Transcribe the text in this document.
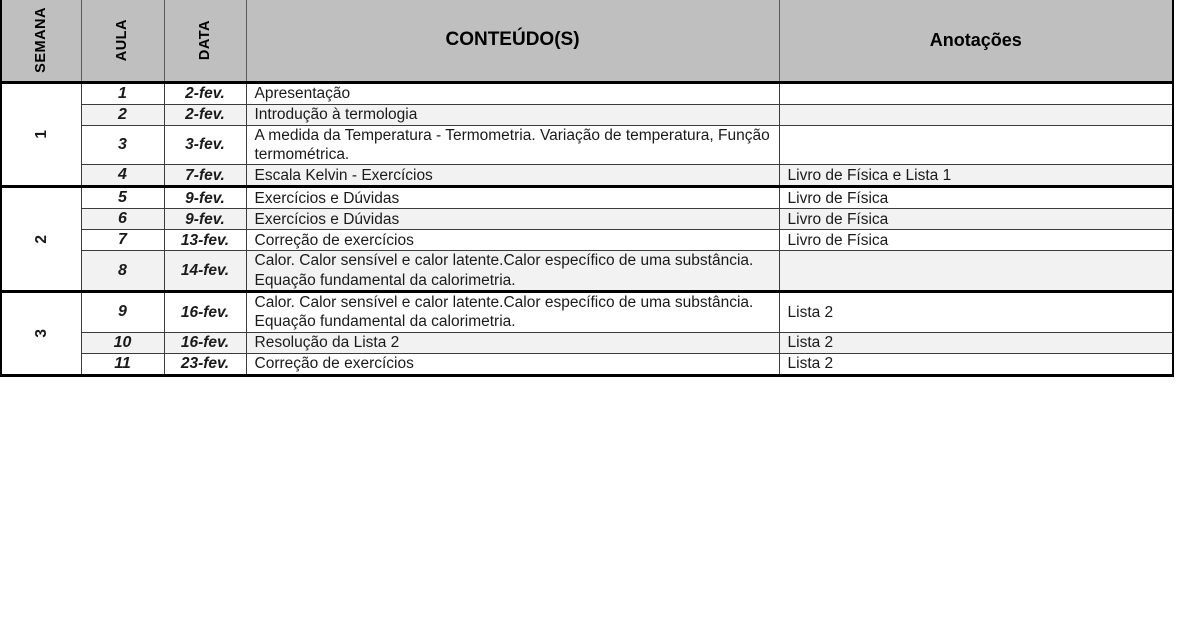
SEMANA	AULA	DATA	CONTEÚDO(S)	Anotações

1	1	2-fev.	Apresentação	
	2	2-fev.	Introdução à termologia	
	3	3-fev.	A medida da Temperatura - Termometria. Variação de temperatura, Função termométrica.	
	4	7-fev.	Escala Kelvin - Exercícios	Livro de Física e Lista 1
2	5	9-fev.	Exercícios e Dúvidas	Livro de Física
	6	9-fev.	Exercícios e Dúvidas	Livro de Física
	7	13-fev.	Correção de exercícios	Livro de Física
	8	14-fev.	Calor. Calor sensível e calor latente.Calor específico de uma substância. Equação fundamental da calorimetria.	
3	9	16-fev.	Calor. Calor sensível e calor latente.Calor específico de uma substância. Equação fundamental da calorimetria.	Lista 2
	10	16-fev.	Resolução da Lista 2	Lista 2
	11	23-fev.	Correção de exercícios	Lista 2
